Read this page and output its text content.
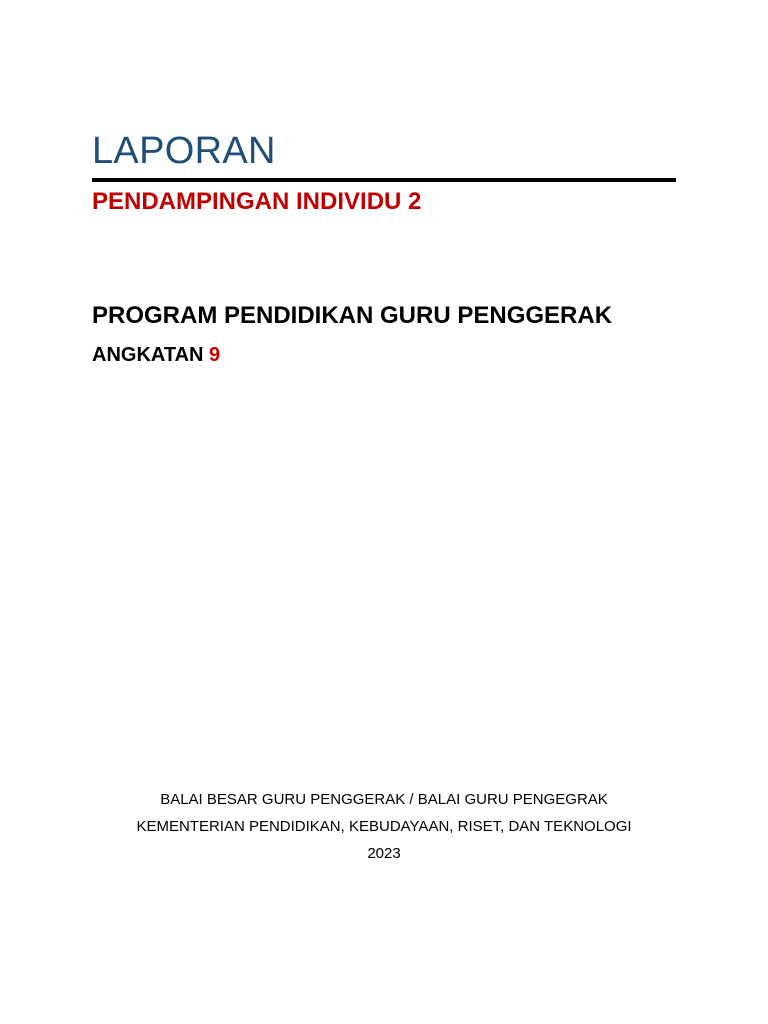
LAPORAN
PENDAMPINGAN INDIVIDU 2
PROGRAM PENDIDIKAN GURU PENGGERAK
ANGKATAN 9
BALAI BESAR GURU PENGGERAK / BALAI GURU PENGEGRAK
KEMENTERIAN PENDIDIKAN, KEBUDAYAAN, RISET, DAN TEKNOLOGI
2023
